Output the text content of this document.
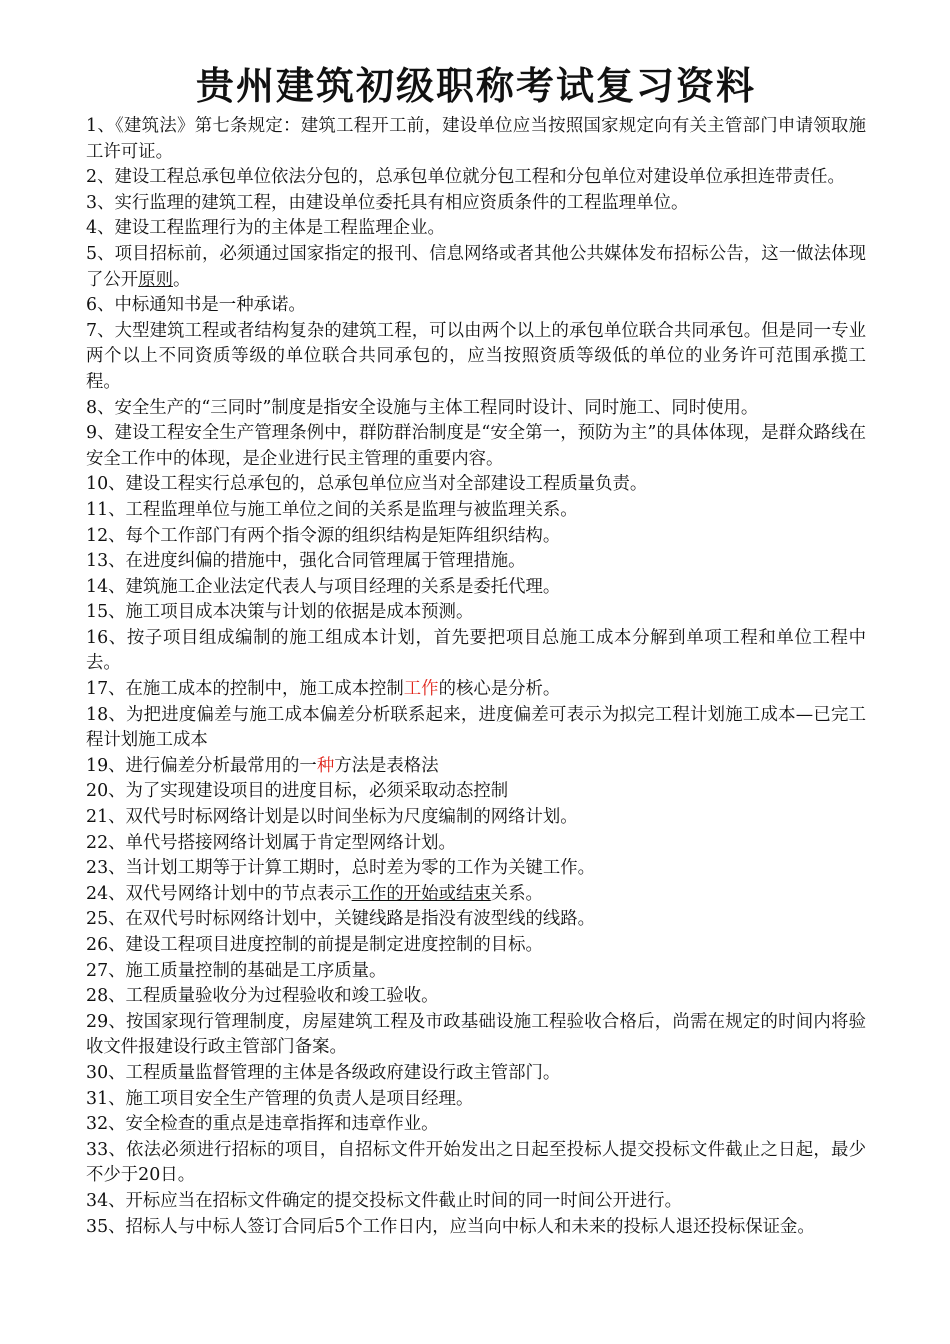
贵州建筑初级职称考试复习资料

1、《建筑法》第七条规定：建筑工程开工前，建设单位应当按照国家规定向有关主管部门申请领取施工许可证。

2、建设工程总承包单位依法分包的，总承包单位就分包工程和分包单位对建设单位承担连带责任。

3、实行监理的建筑工程，由建设单位委托具有相应资质条件的工程监理单位。

4、建设工程监理行为的主体是工程监理企业。

5、项目招标前，必须通过国家指定的报刊、信息网络或者其他公共媒体发布招标公告，这一做法体现了公开原则。

6、中标通知书是一种承诺。

7、大型建筑工程或者结构复杂的建筑工程，可以由两个以上的承包单位联合共同承包。但是同一专业两个以上不同资质等级的单位联合共同承包的，应当按照资质等级低的单位的业务许可范围承揽工程。

8、安全生产的“三同时”制度是指安全设施与主体工程同时设计、同时施工、同时使用。

9、建设工程安全生产管理条例中，群防群治制度是“安全第一，预防为主”的具体体现，是群众路线在安全工作中的体现，是企业进行民主管理的重要内容。

10、建设工程实行总承包的，总承包单位应当对全部建设工程质量负责。

11、工程监理单位与施工单位之间的关系是监理与被监理关系。

12、每个工作部门有两个指令源的组织结构是矩阵组织结构。

13、在进度纠偏的措施中，强化合同管理属于管理措施。

14、建筑施工企业法定代表人与项目经理的关系是委托代理。

15、施工项目成本决策与计划的依据是成本预测。

16、按子项目组成编制的施工组成本计划，首先要把项目总施工成本分解到单项工程和单位工程中去。

17、在施工成本的控制中，施工成本控制工作的核心是分析。

18、为把进度偏差与施工成本偏差分析联系起来，进度偏差可表示为拟完工程计划施工成本—已完工程计划施工成本

19、进行偏差分析最常用的一种方法是表格法

20、为了实现建设项目的进度目标，必须采取动态控制

21、双代号时标网络计划是以时间坐标为尺度编制的网络计划。

22、单代号搭接网络计划属于肯定型网络计划。

23、当计划工期等于计算工期时，总时差为零的工作为关键工作。

24、双代号网络计划中的节点表示工作的开始或结束关系。

25、在双代号时标网络计划中，关键线路是指没有波型线的线路。

26、建设工程项目进度控制的前提是制定进度控制的目标。

27、施工质量控制的基础是工序质量。

28、工程质量验收分为过程验收和竣工验收。

29、按国家现行管理制度，房屋建筑工程及市政基础设施工程验收合格后，尚需在规定的时间内将验收文件报建设行政主管部门备案。

30、工程质量监督管理的主体是各级政府建设行政主管部门。

31、施工项目安全生产管理的负责人是项目经理。

32、安全检查的重点是违章指挥和违章作业。

33、依法必须进行招标的项目，自招标文件开始发出之日起至投标人提交投标文件截止之日起，最少不少于20日。

34、开标应当在招标文件确定的提交投标文件截止时间的同一时间公开进行。

35、招标人与中标人签订合同后5个工作日内，应当向中标人和未来的投标人退还投标保证金。
